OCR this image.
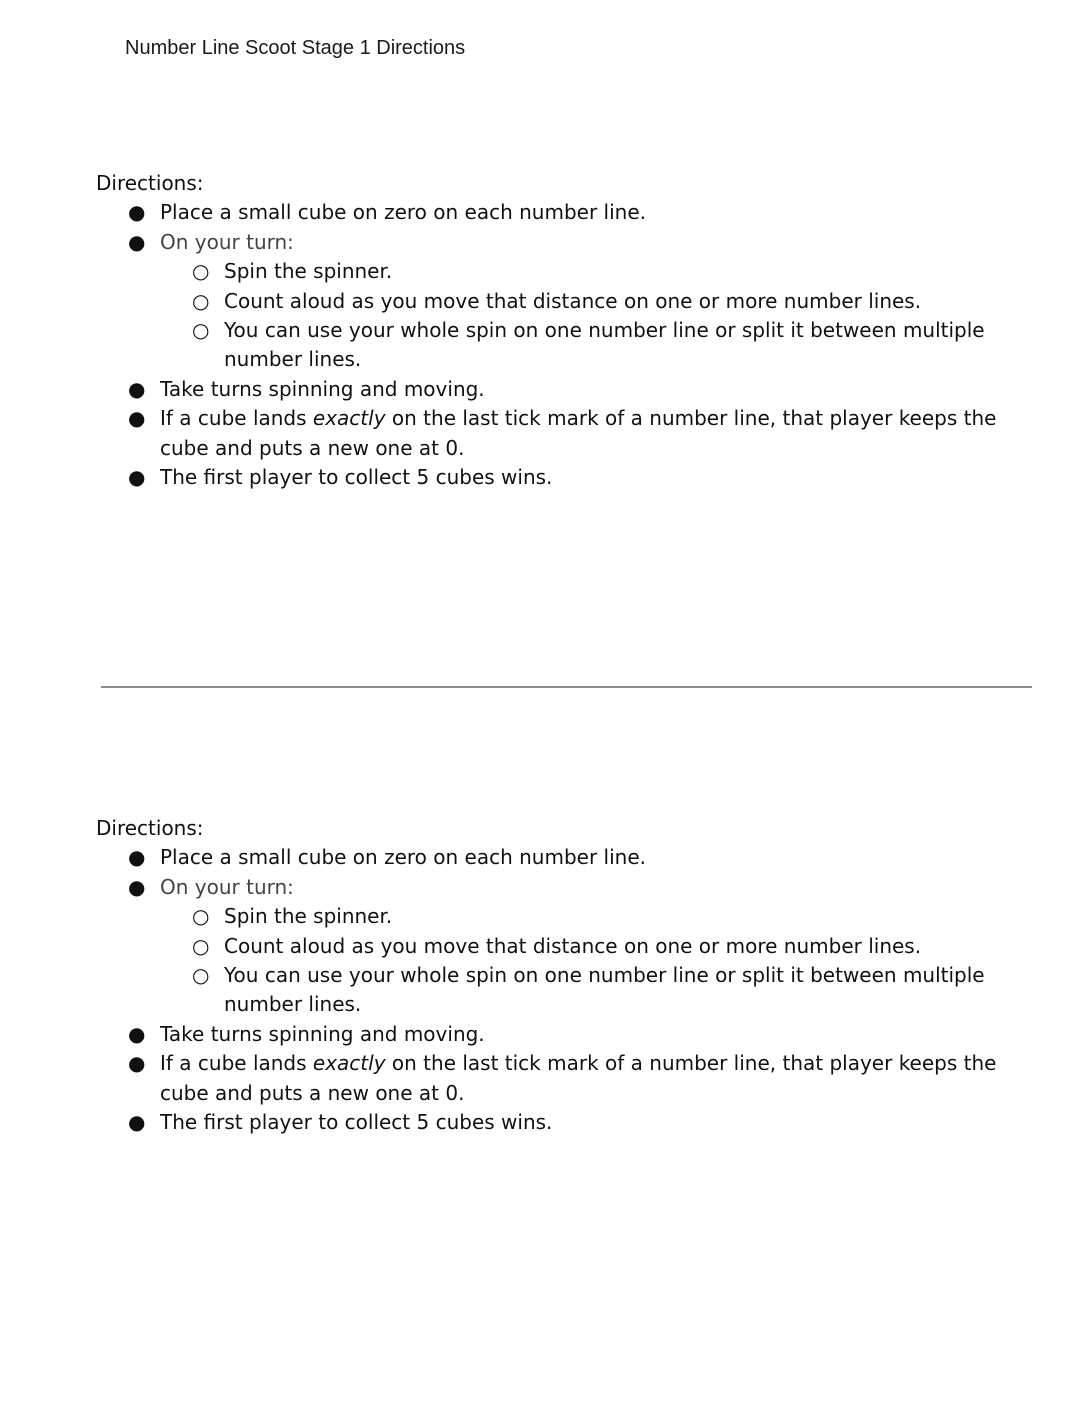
Number Line Scoot Stage 1 Directions
Directions:
● Place a small cube on zero on each number line.
● On your turn:
○ Spin the spinner.
○ Count aloud as you move that distance on one or more number lines.
○ You can use your whole spin on one number line or split it between multiple number lines.
● Take turns spinning and moving.
● If a cube lands exactly on the last tick mark of a number line, that player keeps the cube and puts a new one at 0.
● The first player to collect 5 cubes wins.
Directions:
● Place a small cube on zero on each number line.
● On your turn:
○ Spin the spinner.
○ Count aloud as you move that distance on one or more number lines.
○ You can use your whole spin on one number line or split it between multiple number lines.
● Take turns spinning and moving.
● If a cube lands exactly on the last tick mark of a number line, that player keeps the cube and puts a new one at 0.
● The first player to collect 5 cubes wins.
